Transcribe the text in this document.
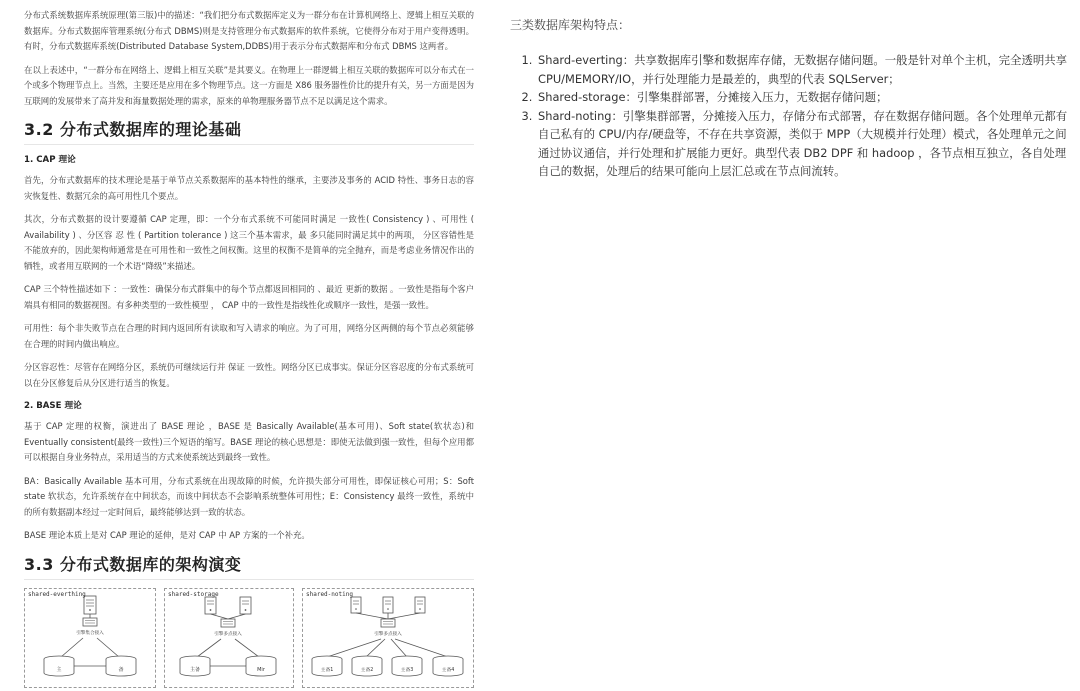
分布式系统数据库系统原理(第三版)中的描述：“我们把分布式数据库定义为一群分布在计算机网络上、逻辑上相互关联的数据库。分布式数据库管理系统(分布式 DBMS)则是支持管理分布式数据库的软件系统，它使得分布对于用户变得透明。有时，分布式数据库系统(Distributed Database System,DDBS)用于表示分布式数据库和分布式 DBMS 这两者。

在以上表述中，“一群分布在网络上、逻辑上相互关联”是其要义。在物理上一群逻辑上相互关联的数据库可以分布式在一个或多个物理节点上。当然，主要还是应用在多个物理节点。这一方面是 X86 服务器性价比的提升有关，另一方面是因为互联网的发展带来了高并发和海量数据处理的需求，原来的单物理服务器节点不足以满足这个需求。

3.2 分布式数据库的理论基础
1. CAP 理论

首先，分布式数据库的技术理论是基于单节点关系数据库的基本特性的继承，主要涉及事务的 ACID 特性、事务日志的容灾恢复性、数据冗余的高可用性几个要点。

其次，分布式数据的设计要遵循 CAP 定理，即：一个分布式系统不可能同时满足 一致性( Consistency ) 、可用性 ( Availability ) 、分区容 忍 性 ( Partition tolerance ) 这三个基本需求，最 多只能同时满足其中的两项， 分区容错性是不能放弃的，因此架构师通常是在可用性和一致性之间权衡。这里的权衡不是简单的完全抛弃，而是考虑业务情况作出的牺牲，或者用互联网的一个术语“降级”来描述。

CAP 三个特性描述如下 ：一致性：确保分布式群集中的每个节点都返回相同的 、最近 更新的数据 。一致性是指每个客户端具有相同的数据视图。有多种类型的一致性模型 ， CAP 中的一致性是指线性化或顺序一致性，是强一致性。

可用性：每个非失败节点在合理的时间内返回所有读取和写入请求的响应。为了可用，网络分区两侧的每个节点必须能够在合理的时间内做出响应。

分区容忍性：尽管存在网络分区，系统仍可继续运行并 保证 一致性。网络分区已成事实。保证分区容忍度的分布式系统可以在分区修复后从分区进行适当的恢复。

2. BASE 理论

基于 CAP 定理的权衡，演进出了 BASE 理论 ，BASE 是 Basically Available(基本可用)、Soft state(软状态)和 Eventually consistent(最终一致性)三个短语的缩写。BASE 理论的核心思想是：即使无法做到强一致性，但每个应用都可以根据自身业务特点，采用适当的方式来使系统达到最终一致性。

BA：Basically Available 基本可用，分布式系统在出现故障的时候，允许损失部分可用性，即保证核心可用；S：Soft state 软状态，允许系统存在中间状态，而该中间状态不会影响系统整体可用性；E：Consistency 最终一致性，系统中的所有数据副本经过一定时间后，最终能够达到一致的状态。

BASE 理论本质上是对 CAP 理论的延伸，是对 CAP 中 AP 方案的一个补充。

3.3 分布式数据库的架构演变
shared-everthing
引擎集合接入
主	备
shared-storage
引擎多点接入
主备	Mir
shared-noting
引擎多点接入
主备1	主备2	主备3	主备4
三类数据库架构特点：
1. Shard-everting：共享数据库引擎和数据库存储，无数据存储问题。一般是针对单个主机，完全透明共享 CPU/MEMORY/IO，并行处理能力是最差的，典型的代表 SQLServer；
2. Shared-storage：引擎集群部署，分摊接入压力，无数据存储问题；
3. Shard-noting：引擎集群部署，分摊接入压力，存储分布式部署，存在数据存储问题。各个处理单元都有自己私有的 CPU/内存/硬盘等，不存在共享资源，类似于 MPP（大规模并行处理）模式，各处理单元之间通过协议通信，并行处理和扩展能力更好。典型代表 DB2 DPF 和 hadoop ，各节点相互独立，各自处理自己的数据，处理后的结果可能向上层汇总或在节点间流转。
